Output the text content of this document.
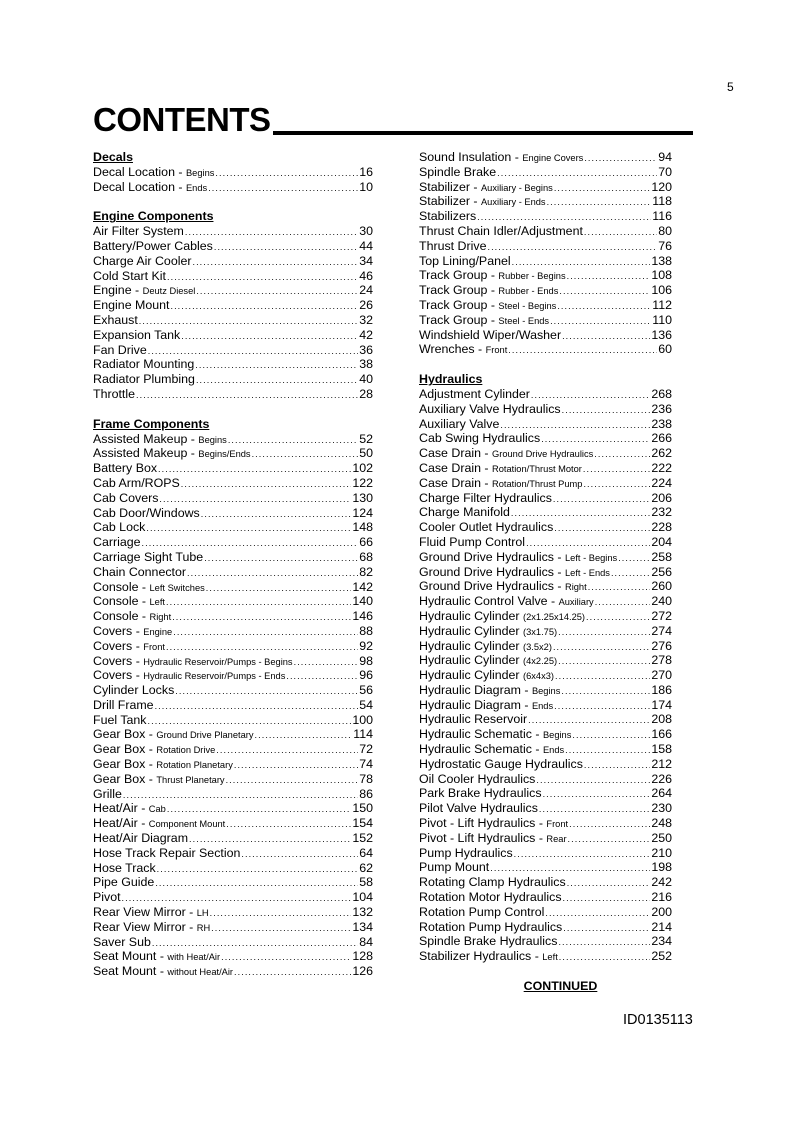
5
CONTENTS
Decals
Decal Location - Begins .....	16
Decal Location - Ends .....	10
Engine Components
Air Filter System .....	30
Battery/Power Cables .....	44
Charge Air Cooler .....	34
Cold Start Kit .....	46
Engine - Deutz Diesel .....	24
Engine Mount .....	26
Exhaust .....	32
Expansion Tank .....	42
Fan Drive .....	36
Radiator Mounting .....	38
Radiator Plumbing .....	40
Throttle .....	28
Frame Components
Assisted Makeup - Begins .....	52
Assisted Makeup - Begins/Ends .....	50
Battery Box .....	102
Cab Arm/ROPS .....	122
Cab Covers .....	130
Cab Door/Windows .....	124
Cab Lock .....	148
Carriage .....	66
Carriage Sight Tube .....	68
Chain Connector .....	82
Console - Left Switches .....	142
Console - Left .....	140
Console - Right .....	146
Covers - Engine .....	88
Covers - Front .....	92
Covers - Hydraulic Reservoir/Pumps - Begins .....	98
Covers - Hydraulic Reservoir/Pumps - Ends .....	96
Cylinder Locks .....	56
Drill Frame .....	54
Fuel Tank .....	100
Gear Box - Ground Drive Planetary .....	114
Gear Box - Rotation Drive .....	72
Gear Box - Rotation Planetary .....	74
Gear Box - Thrust Planetary .....	78
Grille .....	86
Heat/Air - Cab .....	150
Heat/Air - Component Mount .....	154
Heat/Air Diagram .....	152
Hose Track Repair Section .....	64
Hose Track .....	62
Pipe Guide .....	58
Pivot .....	104
Rear View Mirror - LH .....	132
Rear View Mirror - RH .....	134
Saver Sub .....	84
Seat Mount - with Heat/Air .....	128
Seat Mount - without Heat/Air .....	126
Sound Insulation - Engine Covers .....	94
Spindle Brake .....	70
Stabilizer - Auxiliary - Begins .....	120
Stabilizer - Auxiliary - Ends .....	118
Stabilizers .....	116
Thrust Chain Idler/Adjustment .....	80
Thrust Drive .....	76
Top Lining/Panel .....	138
Track Group - Rubber - Begins .....	108
Track Group - Rubber - Ends .....	106
Track Group - Steel - Begins .....	112
Track Group - Steel - Ends .....	110
Windshield Wiper/Washer .....	136
Wrenches - Front .....	60
Hydraulics
Adjustment Cylinder .....	268
Auxiliary Valve Hydraulics .....	236
Auxiliary Valve .....	238
Cab Swing Hydraulics .....	266
Case Drain - Ground Drive Hydraulics .....	262
Case Drain - Rotation/Thrust Motor .....	222
Case Drain - Rotation/Thrust Pump .....	224
Charge Filter Hydraulics .....	206
Charge Manifold .....	232
Cooler Outlet Hydraulics .....	228
Fluid Pump Control .....	204
Ground Drive Hydraulics - Left - Begins .....	258
Ground Drive Hydraulics - Left - Ends .....	256
Ground Drive Hydraulics - Right .....	260
Hydraulic Control Valve - Auxiliary .....	240
Hydraulic Cylinder
(2x1.25x14.25) .....	272
Hydraulic Cylinder
(3x1.75) .....	274
Hydraulic Cylinder
(3.5x2) .....	276
Hydraulic Cylinder
(4x2.25) .....	278
Hydraulic Cylinder
(6x4x3) .....	270
Hydraulic Diagram - Begins .....	186
Hydraulic Diagram - Ends .....	174
Hydraulic Reservoir .....	208
Hydraulic Schematic - Begins .....	166
Hydraulic Schematic - Ends .....	158
Hydrostatic Gauge Hydraulics .....	212
Oil Cooler Hydraulics .....	226
Park Brake Hydraulics .....	264
Pilot Valve Hydraulics .....	230
Pivot - Lift Hydraulics - Front .....	248
Pivot - Lift Hydraulics - Rear .....	250
Pump Hydraulics .....	210
Pump Mount .....	198
Rotating Clamp Hydraulics .....	242
Rotation Motor Hydraulics .....	216
Rotation Pump Control .....	200
Rotation Pump Hydraulics .....	214
Spindle Brake Hydraulics .....	234
Stabilizer Hydraulics - Left .....	252
CONTINUED
ID0135113
